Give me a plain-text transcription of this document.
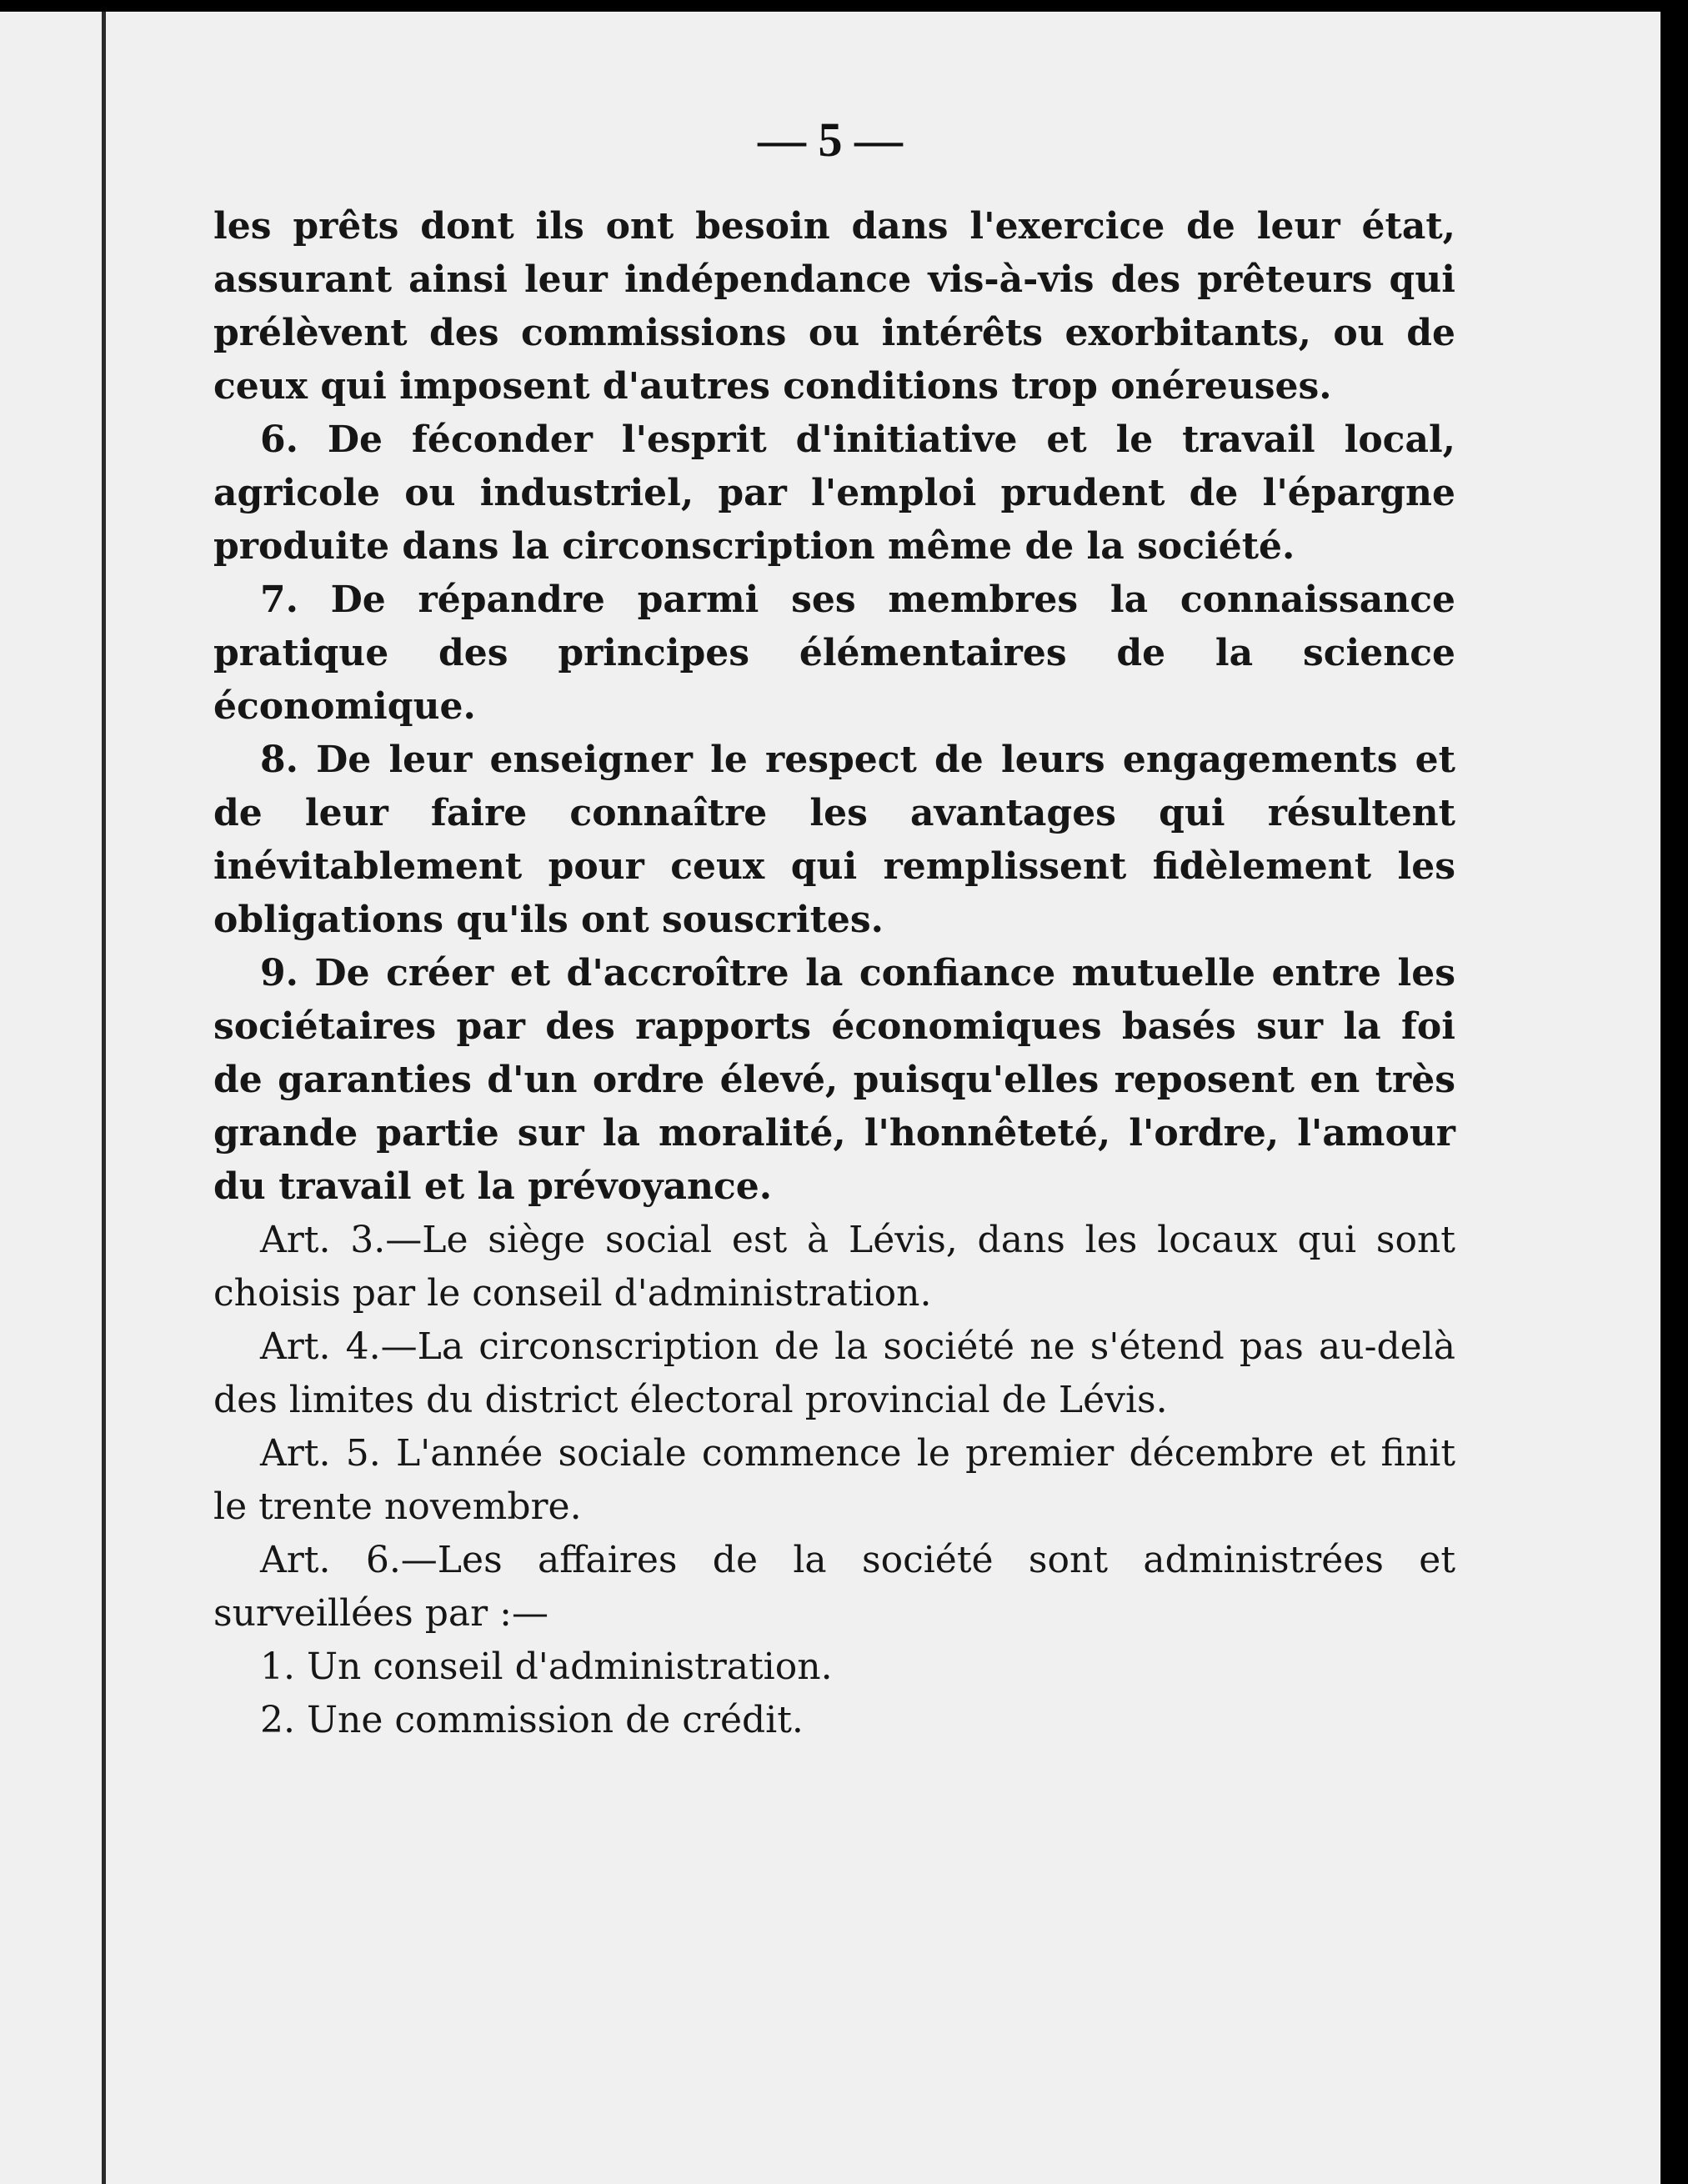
— 5 —

les prêts dont ils ont besoin dans l'exercice de leur état, assurant ainsi leur indépendance vis-à-vis des prêteurs qui prélèvent des commissions ou intérêts exorbitants, ou de ceux qui imposent d'autres conditions trop onéreuses.

6. De féconder l'esprit d'initiative et le travail local, agricole ou industriel, par l'emploi prudent de l'épargne produite dans la circonscription même de la société.

7. De répandre parmi ses membres la connaissance pratique des principes élémentaires de la science économique.

8. De leur enseigner le respect de leurs engagements et de leur faire connaître les avantages qui résultent inévitablement pour ceux qui remplissent fidèlement les obligations qu'ils ont souscrites.

9. De créer et d'accroître la confiance mutuelle entre les sociétaires par des rapports économiques basés sur la foi de garanties d'un ordre élevé, puisqu'elles reposent en très grande partie sur la moralité, l'honnêteté, l'ordre, l'amour du travail et la prévoyance.

Art. 3.—Le siège social est à Lévis, dans les locaux qui sont choisis par le conseil d'administration.

Art. 4.—La circonscription de la société ne s'étend pas au-delà des limites du district électoral provincial de Lévis.

Art. 5. L'année sociale commence le premier décembre et finit le trente novembre.

Art. 6.—Les affaires de la société sont administrées et surveillées par :—

1. Un conseil d'administration.

2. Une commission de crédit.
